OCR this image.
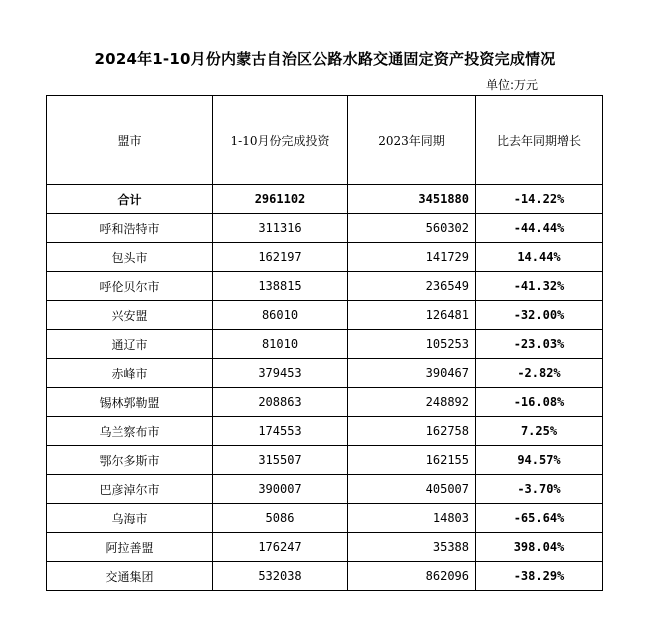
2024年1-10月份内蒙古自治区公路水路交通固定资产投资完成情况
单位:万元
盟市	1-10月份完成投资	2023年同期	比去年同期增长
合计	2961102	3451880	-14.22%
呼和浩特市	311316	560302	-44.44%
包头市	162197	141729	14.44%
呼伦贝尔市	138815	236549	-41.32%
兴安盟	86010	126481	-32.00%
通辽市	81010	105253	-23.03%
赤峰市	379453	390467	-2.82%
锡林郭勒盟	208863	248892	-16.08%
乌兰察布市	174553	162758	7.25%
鄂尔多斯市	315507	162155	94.57%
巴彦淖尔市	390007	405007	-3.70%
乌海市	5086	14803	-65.64%
阿拉善盟	176247	35388	398.04%
交通集团	532038	862096	-38.29%
